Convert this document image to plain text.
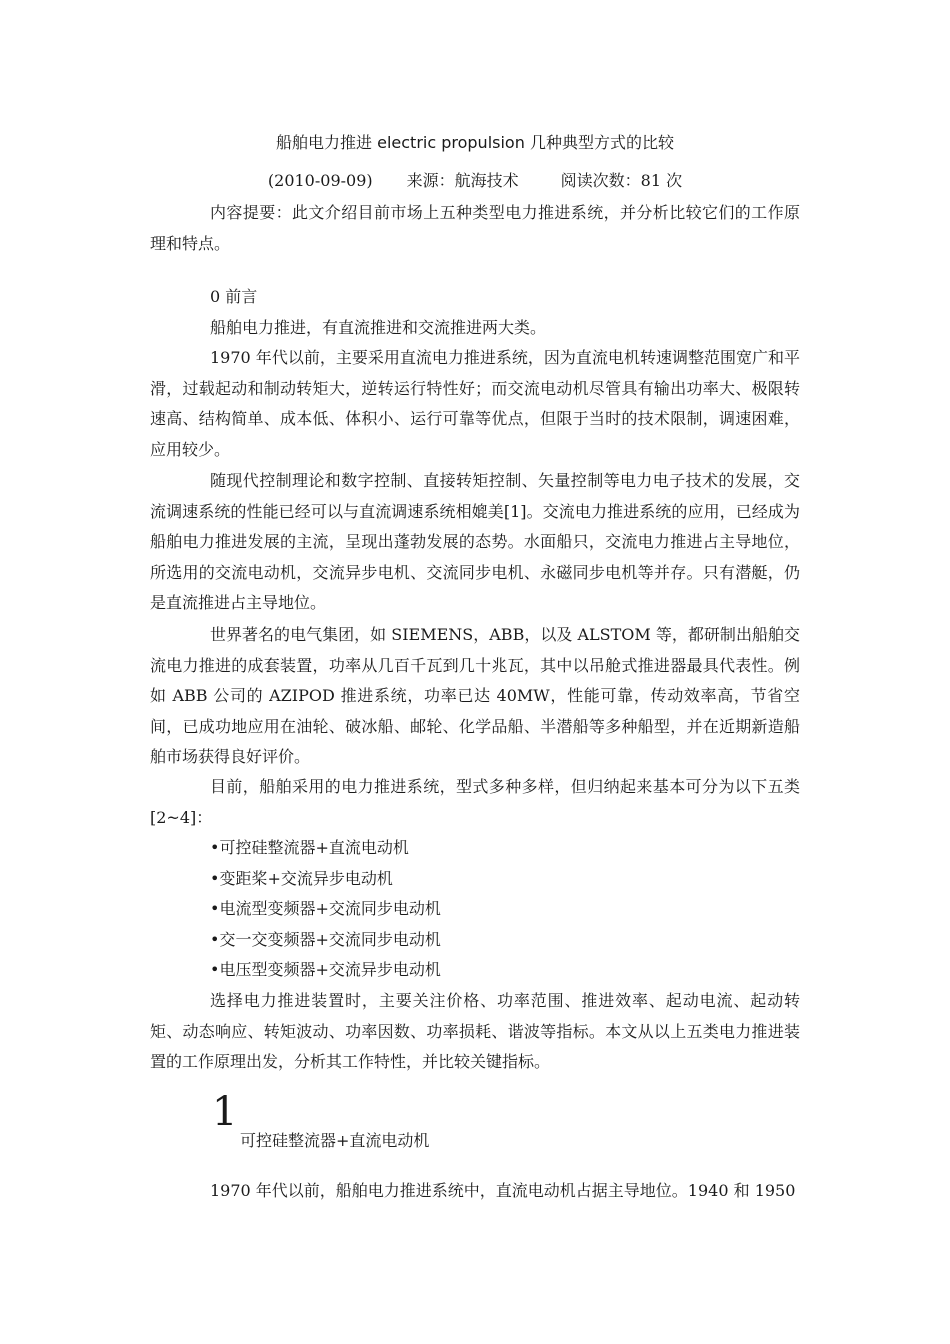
船舶电力推进 electric propulsion 几种典型方式的比较
(2010-09-09) 来源：航海技术	阅读次数：81 次

内容提要：此文介绍目前市场上五种类型电力推进系统，并分析比较它们的工作原理和特点。

0 前言

船舶电力推进，有直流推进和交流推进两大类。

1970 年代以前，主要采用直流电力推进系统，因为直流电机转速调整范围宽广和平滑，过载起动和制动转矩大，逆转运行特性好；而交流电动机尽管具有输出功率大、极限转速高、结构简单、成本低、体积小、运行可靠等优点，但限于当时的技术限制，调速困难，应用较少。

随现代控制理论和数字控制、直接转矩控制、矢量控制等电力电子技术的发展，交流调速系统的性能已经可以与直流调速系统相媲美[1]。交流电力推进系统的应用，已经成为船舶电力推进发展的主流，呈现出蓬勃发展的态势。水面船只，交流电力推进占主导地位，所选用的交流电动机，交流异步电机、交流同步电机、永磁同步电机等并存。只有潜艇，仍是直流推进占主导地位。

世界著名的电气集团，如 SIEMENS，ABB，以及 ALSTOM 等，都研制出船舶交流电力推进的成套装置，功率从几百千瓦到几十兆瓦，其中以吊舱式推进器最具代表性。例如 ABB 公司的 AZIPOD 推进系统，功率已达 40MW，性能可靠，传动效率高，节省空间，已成功地应用在油轮、破冰船、邮轮、化学品船、半潜船等多种船型，并在近期新造船舶市场获得良好评价。

目前，船舶采用的电力推进系统，型式多种多样，但归纳起来基本可分为以下五类[2~4]：

•可控硅整流器+直流电动机

•变距桨+交流异步电动机

•电流型变频器+交流同步电动机

•交一交变频器+交流同步电动机

•电压型变频器+交流异步电动机

选择电力推进装置时，主要关注价格、功率范围、推进效率、起动电流、起动转矩、动态响应、转矩波动、功率因数、功率损耗、谐波等指标。本文从以上五类电力推进装置的工作原理出发，分析其工作特性，并比较关键指标。

1
可控硅整流器+直流电动机

1970 年代以前，船舶电力推进系统中，直流电动机占据主导地位。1940 和 1950
